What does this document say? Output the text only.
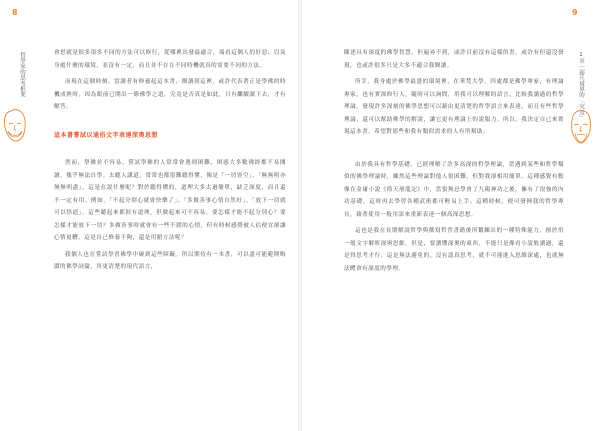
8
哲學家的思考框架	會思就是很多很多不同的方法可以修行，從哪裡出發最適合，端看這個人的好惡、以及身處什麼的環境，並沒有一定，而且並不存在不同時機就真的需要不同的方法。

而現在這個時刻，當讀者有修養起這本書，閱讀到這裡，或許代表著正是學佛的時機成熟時，因為眼前已開出一條佛學之道，究竟是否真是如此，只有繼續讀下去，才有解答。

這本書嘗試以通俗文字表達深奧思想

然而，學佛並不容易。嘗試學佛的人常常會遇到困難，困惑大多數佛經都不易閱讀，幾乎無法自學。去聽人講道，常常也都很難聽得懂，像是「一切皆空」、「無無明亦無無明盡」，這是在說什麼呢？對於聽得懂的，道理大多太過簡單，缺乏深度，而且還不一定有用。例如，「不起分別心就會快樂了」、「多做善事心情自然好」、「放下一切就可以悟道」。這些聽起來都很有道理，但做起來可不容易。要怎樣才能不起分別心？要怎樣才能放下一切？多做善事時就會有一些不錯的心情，但有時候感覺被人佔便宜卻讓心情更糟，這是自己修養不夠，還是用錯方法呢？

我個人也在嘗試學習佛學中碰到這些障礙。所以期待有一本書，可以盡可能避開晦澀的佛學詞彙，用更清楚的現代語言，

9
1章｜超凡境界的「究竟」

陳述具有深度的佛學智慧。但遍尋不到，或許目前沒有這樣的書，或許有但還沒發現，也或許很多只是大多不適合我閱讀。

所幸，我身處於佛學最盛的環境裡，在華梵大學，四處都是佛學專家，有理論專家，也有實深修行人，隨時可以詢問，用我可以理解的語言，比較我讀過的哲學理論，發現許多深刻的佛學思想可以藉由更清楚的哲學語言來表達，而且有些哲學理論，還可以幫助佛學的解說，讓它更有理論上的說服力。所以，我決定自己來實現這本書。希望對那些和我有類似需求的人有所幫助。

由於我具有哲學基礎，已經理解了許多高深的哲學理論，當遇到某些和哲學類似的佛學理論時，雖然這些理論對他人很困難，但對我卻相用簡單。這種感覺有點像在金庸小說《倚天屠龍記》中，當張無忌學會了九陽神功之後，擁有了很強的內功基礎，這時再去學習各種武術都可輕易上手。這種時候，便可發揮我的哲學專長，藉著使用一般用語來重新表達一個高深思想。

這也是我在長期解說哲學與撰寫哲普書籍後所鍛鍊出的一種特殊能力，擅於用一般文字解析深奧思維。但是，要讀懂深奧的東西，不能只是像看小說般讀過，還是得思考才行。這是無法避免的。沒有認真思考，就不可能進入思維深處，也就無法體會有深度的學理。
